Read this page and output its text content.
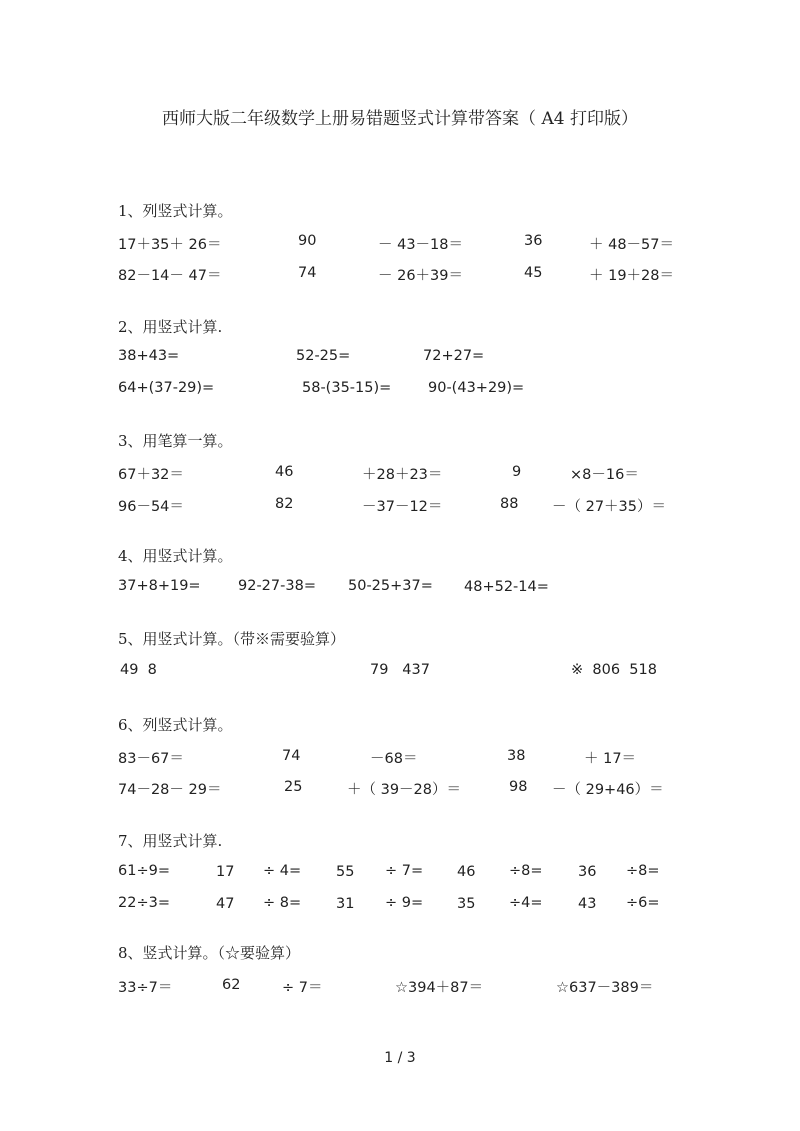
西师大版二年级数学上册易错题竖式计算带答案（ A4 打印版）
1、列竖式计算。
17＋35＋ 26＝	90	－ 43－18＝	36	＋ 48－57＝
82－14－ 47＝	74	－ 26＋39＝	45	＋ 19＋28＝
2、用竖式计算.
38+43=	52-25=	72+27=
64+(37-29)=	58-(35-15)=	90-(43+29)=
3、用笔算一算。
67＋32＝	46	＋28＋23＝	9	×8－16＝
96－54＝	82	－37－12＝	88 －（ 27＋35）＝
4、用竖式计算。
37+8+19=	92-27-38= 50-25+37= 48+52-14=
5、用竖式计算。（带※需要验算）
49  8	79   437	※  806  518
6、列竖式计算。
83－67＝	74	－68＝	38	＋ 17＝
74－28－ 29＝	25	＋（ 39－28）＝	98 －（ 29+46）＝
7、用竖式计算.
61÷9=	17 ÷ 4= 55 ÷ 7= 46 ÷8= 36 ÷8=
22÷3=	47 ÷ 8= 31 ÷ 9= 35 ÷4= 43 ÷6=
8、竖式计算。（☆要验算）
33÷7＝	62	÷ 7＝	☆394＋87＝	☆637－389＝
1 / 3
